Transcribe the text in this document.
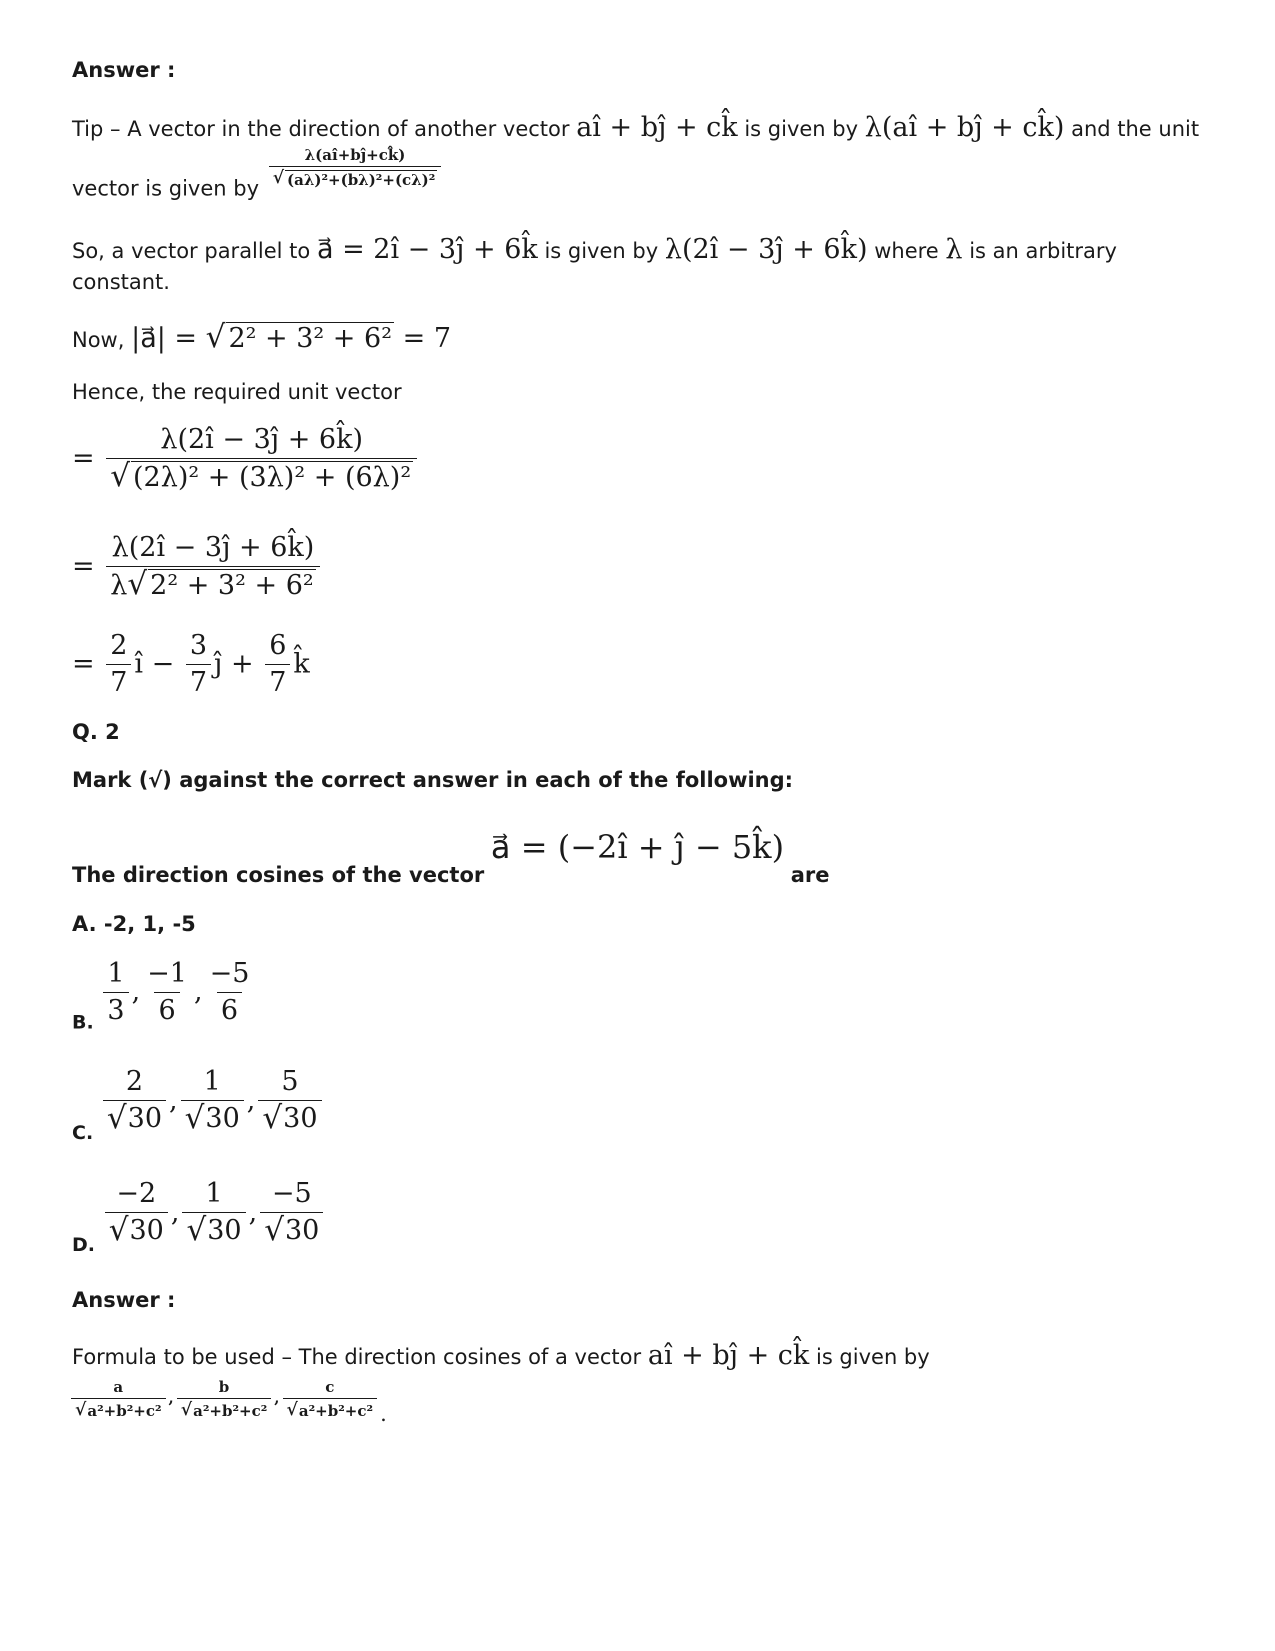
Answer :
Tip – A vector in the direction of another vector aî + bĵ + ck̂ is given by λ(aî + bĵ + ck̂) and the unit
vector is given by $\frac{\lambda(aî+bĵ+ck̂)}{\text{√ (aλ)²+(bλ)²+(cλ)²}}$
So, a vector parallel to a⃗ = 2î − 3ĵ + 6k̂ is given by λ(2î − 3ĵ + 6k̂) where λ is an arbitrary
constant.
Now, |a⃗| = √ 2² + 3² + 6² = 7
Hence, the required unit vector
= $\frac{\lambda(2î - 3ĵ + 6k̂)}{\text{√ (2λ)² + (3λ)² + (6λ)²}}$
= $\frac{\lambda(2î - 3ĵ + 6k̂)}{\text{λ √ 2² + 3² + 6²}}$
= $\frac{2}{7}$ î − $\frac{3}{7}$ ĵ + $\frac{6}{7}$ k̂
Q. 2
Mark (√) against the correct answer in each of the following:
The direction cosines of the vector a⃗ = (−2î + ĵ − 5k̂) are
A. -2, 1, -5
B. $\frac{1}{3}$ , $\frac{-1}{6}$ , $\frac{-5}{6}$
C. $\frac{2}{√ 30}$ , $\frac{1}{√ 30}$ , $\frac{5}{√ 30}$
D. $\frac{-2}{√ 30}$ , $\frac{1}{√ 30}$ , $\frac{-5}{√ 30}$
Answer :
Formula to be used – The direction cosines of a vector aî + bĵ + ck̂ is given by
$\frac{a}{\text{√ a²+b²+c²}}$ , $\frac{b}{\text{√ a²+b²+c²}}$ , $\frac{c}{\text{√ a²+b²+c²}}$ .
